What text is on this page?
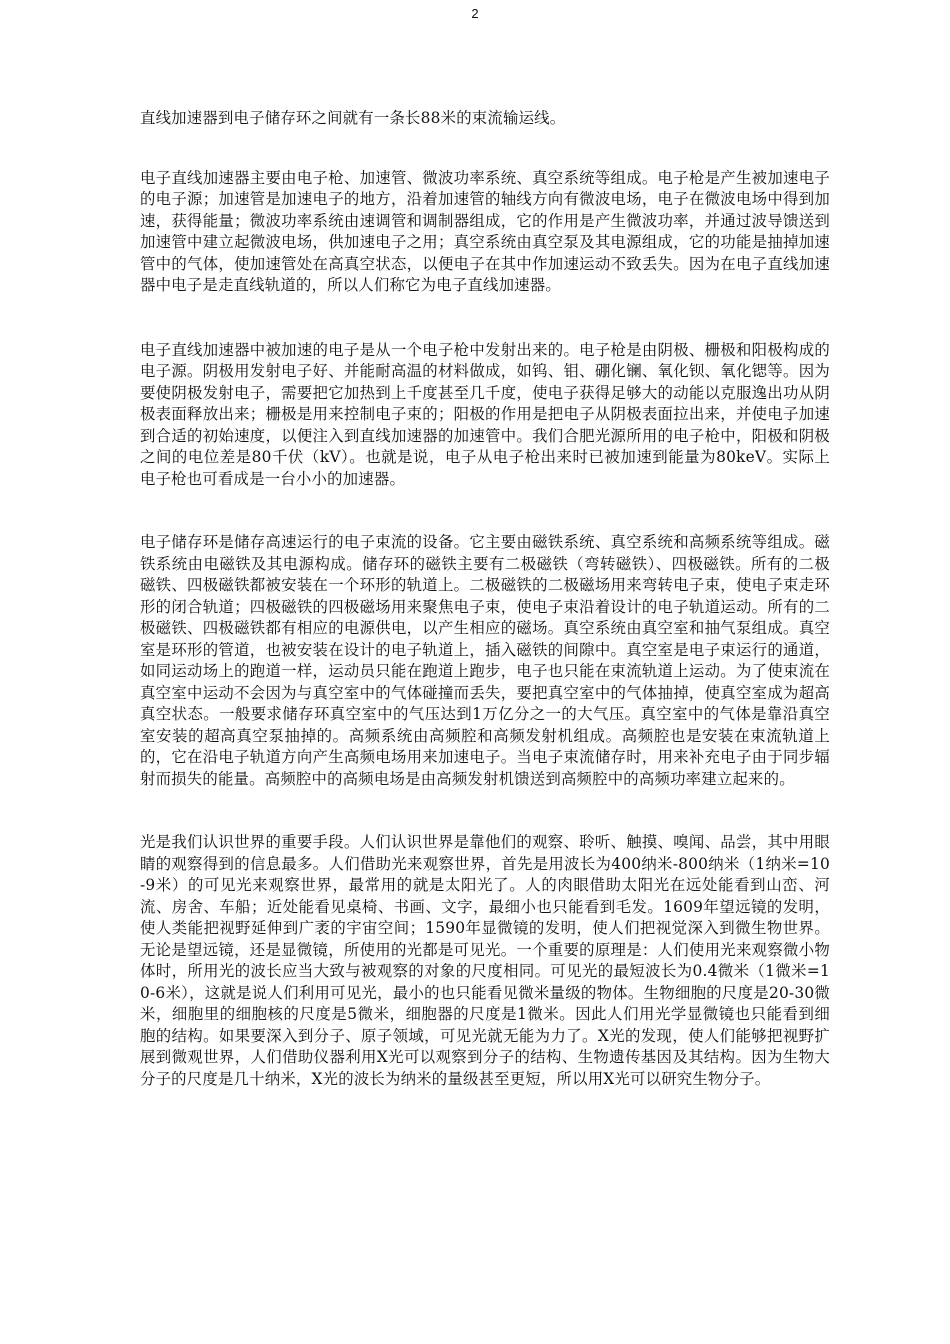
2

直线加速器到电子储存环之间就有一条长88米的束流输运线。

电子直线加速器主要由电子枪、加速管、微波功率系统、真空系统等组成。电子枪是产生被加速电子的电子源；加速管是加速电子的地方，沿着加速管的轴线方向有微波电场，电子在微波电场中得到加速，获得能量；微波功率系统由速调管和调制器组成，它的作用是产生微波功率，并通过波导馈送到加速管中建立起微波电场，供加速电子之用；真空系统由真空泵及其电源组成，它的功能是抽掉加速管中的气体，使加速管处在高真空状态，以便电子在其中作加速运动不致丢失。因为在电子直线加速器中电子是走直线轨道的，所以人们称它为电子直线加速器。

电子直线加速器中被加速的电子是从一个电子枪中发射出来的。电子枪是由阴极、栅极和阳极构成的电子源。阴极用发射电子好、并能耐高温的材料做成，如钨、钼、硼化镧、氧化钡、氧化锶等。因为要使阴极发射电子，需要把它加热到上千度甚至几千度，使电子获得足够大的动能以克服逸出功从阴极表面释放出来；栅极是用来控制电子束的；阳极的作用是把电子从阴极表面拉出来，并使电子加速到合适的初始速度，以便注入到直线加速器的加速管中。我们合肥光源所用的电子枪中，阳极和阴极之间的电位差是80千伏（kV）。也就是说，电子从电子枪出来时已被加速到能量为80keV。实际上电子枪也可看成是一台小小的加速器。

电子储存环是储存高速运行的电子束流的设备。它主要由磁铁系统、真空系统和高频系统等组成。磁铁系统由电磁铁及其电源构成。储存环的磁铁主要有二极磁铁（弯转磁铁）、四极磁铁。所有的二极磁铁、四极磁铁都被安装在一个环形的轨道上。二极磁铁的二极磁场用来弯转电子束，使电子束走环形的闭合轨道；四极磁铁的四极磁场用来聚焦电子束，使电子束沿着设计的电子轨道运动。所有的二极磁铁、四极磁铁都有相应的电源供电，以产生相应的磁场。真空系统由真空室和抽气泵组成。真空室是环形的管道，也被安装在设计的电子轨道上，插入磁铁的间隙中。真空室是电子束运行的通道，如同运动场上的跑道一样，运动员只能在跑道上跑步，电子也只能在束流轨道上运动。为了使束流在真空室中运动不会因为与真空室中的气体碰撞而丢失，要把真空室中的气体抽掉，使真空室成为超高真空状态。一般要求储存环真空室中的气压达到1万亿分之一的大气压。真空室中的气体是靠沿真空室安装的超高真空泵抽掉的。高频系统由高频腔和高频发射机组成。高频腔也是安装在束流轨道上的，它在沿电子轨道方向产生高频电场用来加速电子。当电子束流储存时，用来补充电子由于同步辐射而损失的能量。高频腔中的高频电场是由高频发射机馈送到高频腔中的高频功率建立起来的。

光是我们认识世界的重要手段。人们认识世界是靠他们的观察、聆听、触摸、嗅闻、品尝，其中用眼睛的观察得到的信息最多。人们借助光来观察世界，首先是用波长为400纳米-800纳米（1纳米=10-9米）的可见光来观察世界，最常用的就是太阳光了。人的肉眼借助太阳光在远处能看到山峦、河流、房舍、车船；近处能看见桌椅、书画、文字，最细小也只能看到毛发。1609年望远镜的发明，使人类能把视野延伸到广袤的宇宙空间；1590年显微镜的发明，使人们把视觉深入到微生物世界。无论是望远镜，还是显微镜，所使用的光都是可见光。一个重要的原理是：人们使用光来观察微小物体时，所用光的波长应当大致与被观察的对象的尺度相同。可见光的最短波长为0.4微米（1微米=10-6米），这就是说人们利用可见光，最小的也只能看见微米量级的物体。生物细胞的尺度是20-30微米，细胞里的细胞核的尺度是5微米，细胞器的尺度是1微米。因此人们用光学显微镜也只能看到细胞的结构。如果要深入到分子、原子领域，可见光就无能为力了。X光的发现，使人们能够把视野扩展到微观世界，人们借助仪器利用X光可以观察到分子的结构、生物遗传基因及其结构。因为生物大分子的尺度是几十纳米，X光的波长为纳米的量级甚至更短，所以用X光可以研究生物分子。
